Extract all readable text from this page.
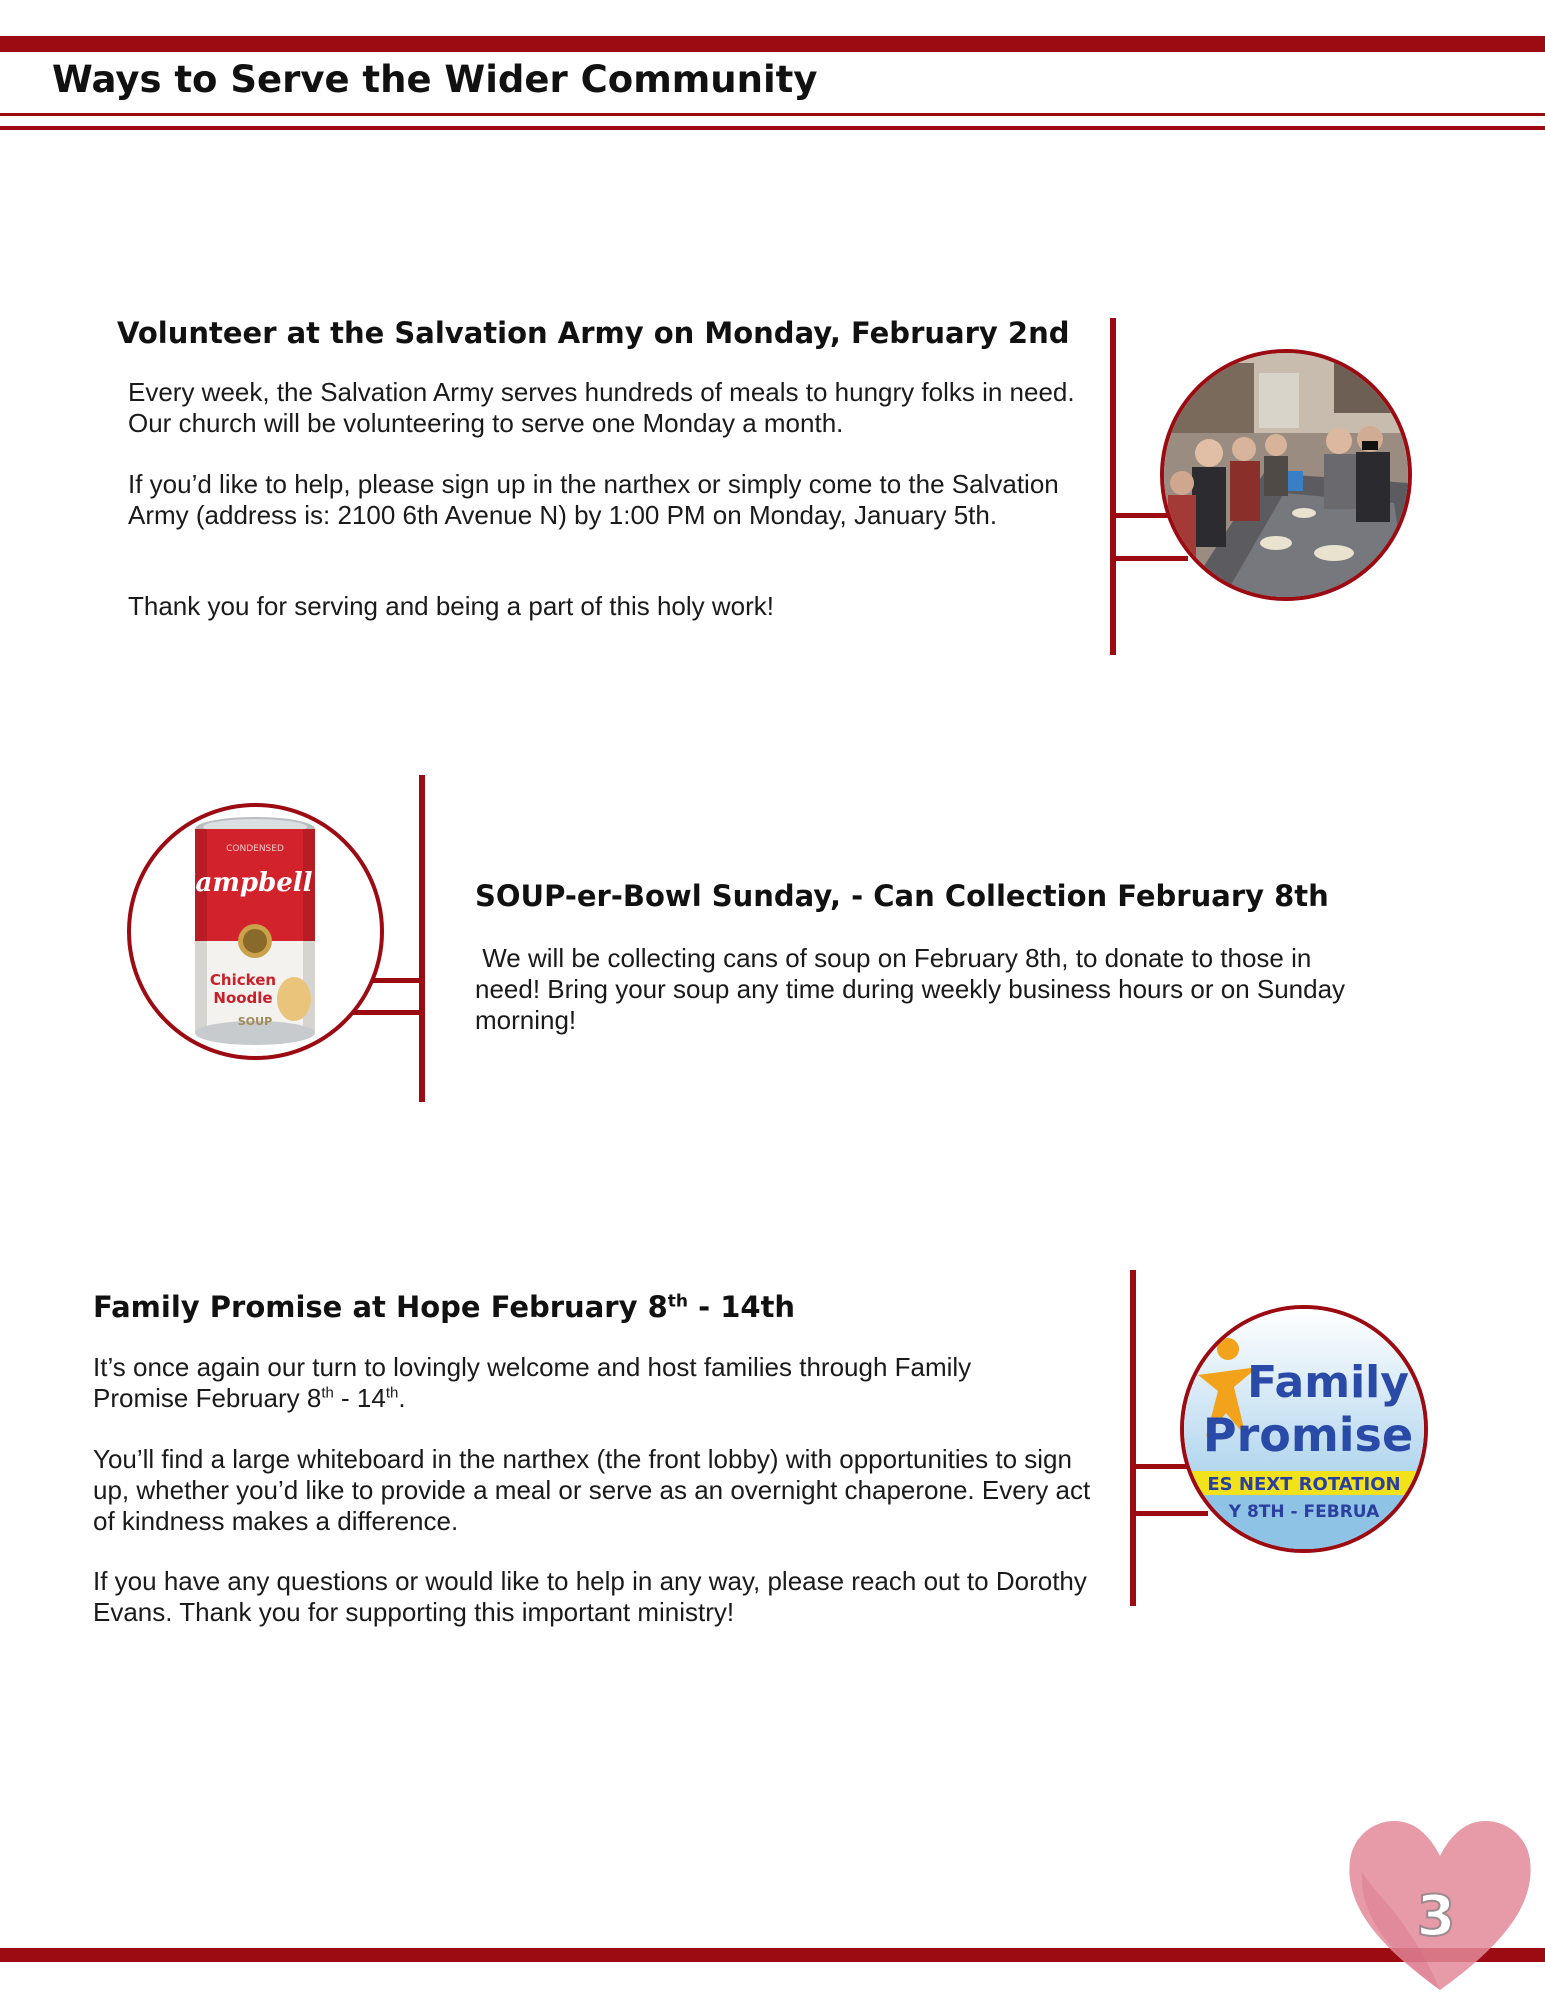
Ways to Serve the Wider Community
Volunteer at the Salvation Army on Monday, February 2nd

Every week, the Salvation Army serves hundreds of meals to hungry folks in need. Our church will be volunteering to serve one Monday a month.

If you’d like to help, please sign up in the narthex or simply come to the Salvation Army (address is: 2100 6th Avenue N) by 1:00 PM on Monday, January 5th.

Thank you for serving and being a part of this holy work!

CONDENSED
Campbell's
Chicken
Noodle
SOUP
SOUP-er-Bowl Sunday, - Can Collection February 8th

We will be collecting cans of soup on February 8th, to donate to those in need! Bring your soup any time during weekly business hours or on Sunday morning!

Family Promise at Hope February 8th - 14th

It’s once again our turn to lovingly welcome and host families through Family Promise February 8th - 14th.

You’ll find a large whiteboard in the narthex (the front lobby) with opportunities to sign up, whether you’d like to provide a meal or serve as an overnight chaperone. Every act of kindness makes a difference.

If you have any questions or would like to help in any way, please reach out to Dorothy Evans. Thank you for supporting this important ministry!

Family
Promise
ES NEXT ROTATION
Y 8TH - FEBRUA
3
